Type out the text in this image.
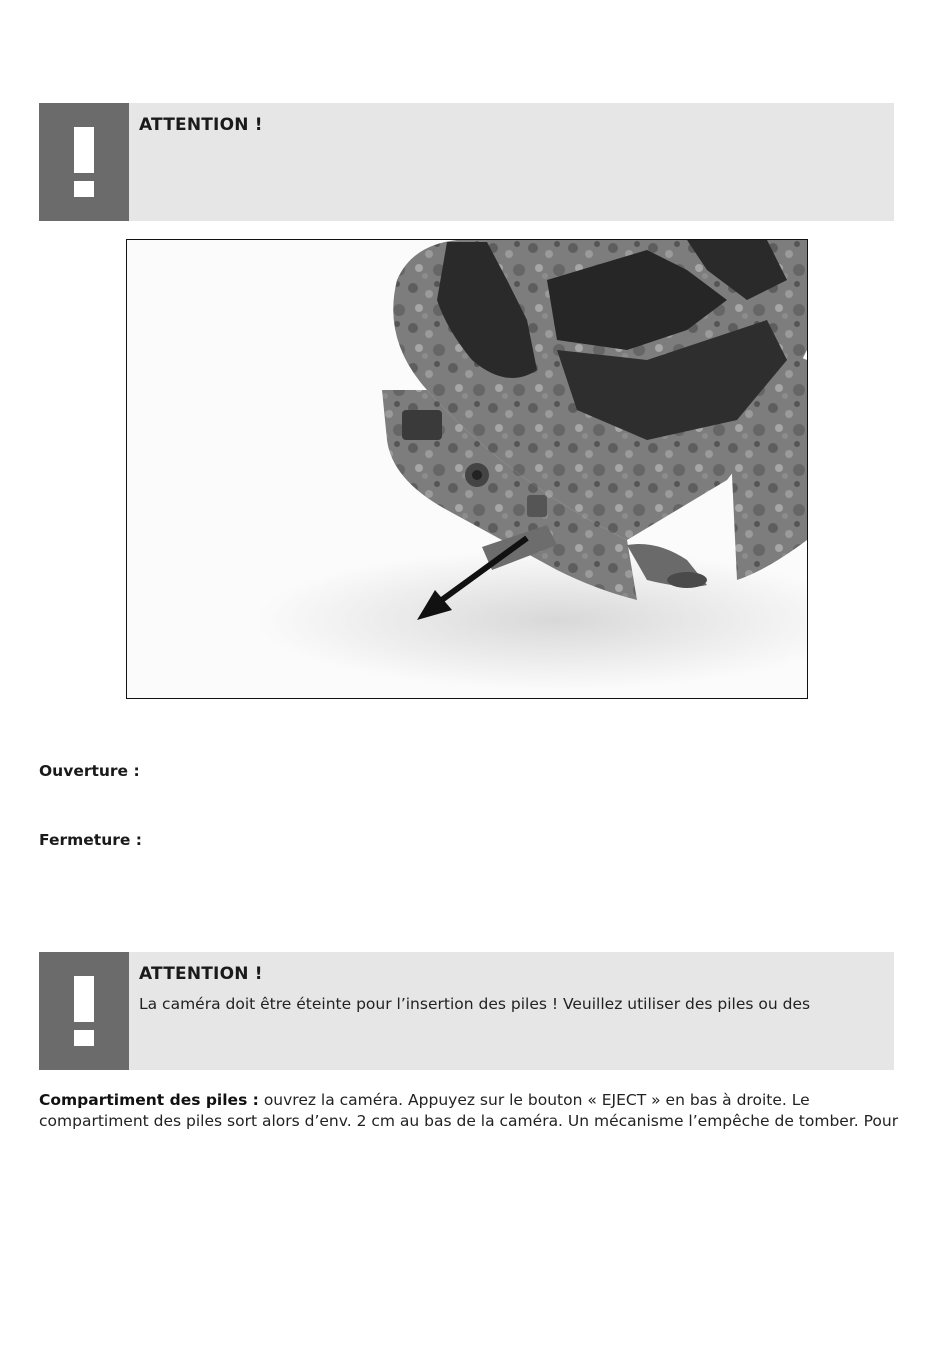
ATTENTION !
Ouverture :
Fermeture :
ATTENTION !
La caméra doit être éteinte pour l’insertion des piles ! Veuillez utiliser des piles ou des
Compartiment des piles : ouvrez la caméra. Appuyez sur le bouton « EJECT » en bas à droite. Le
compartiment des piles sort alors d’env. 2 cm au bas de la caméra. Un mécanisme l’empêche de tomber. Pour
